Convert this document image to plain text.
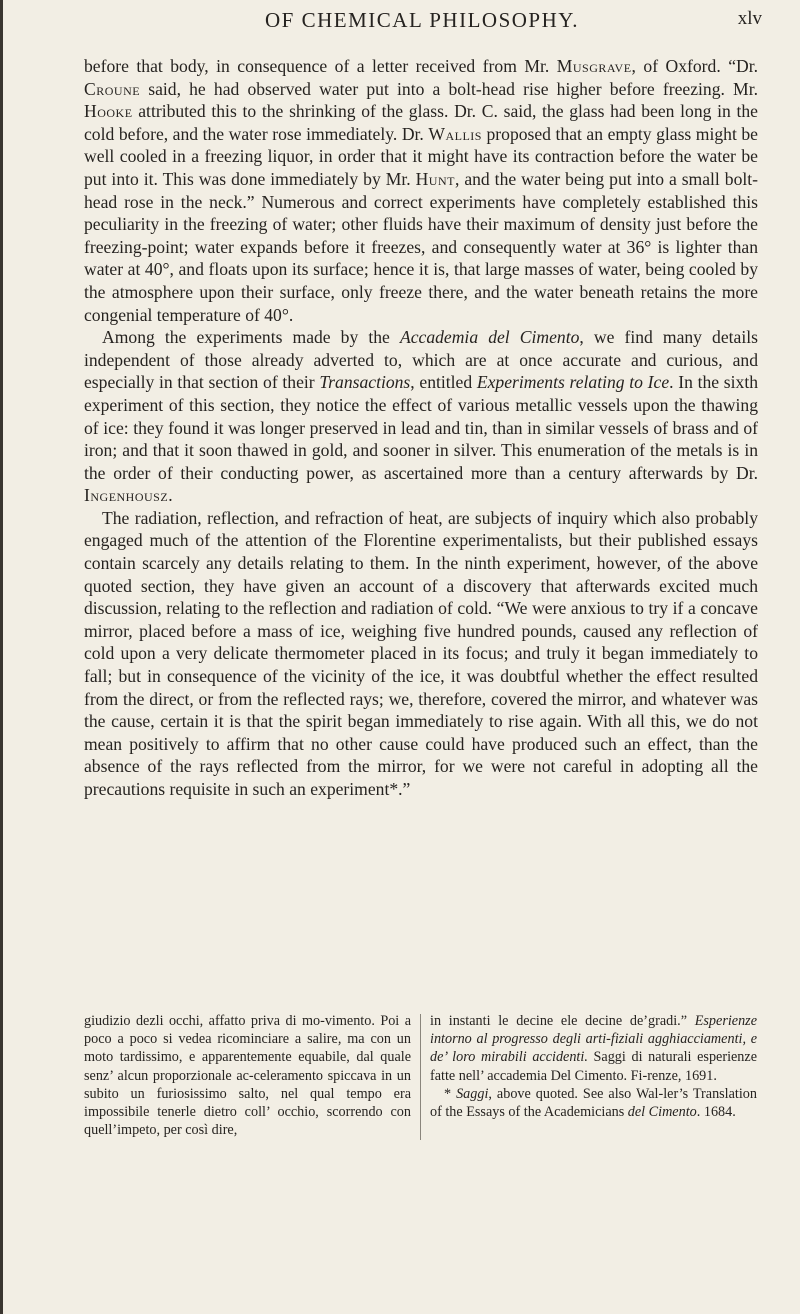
OF CHEMICAL PHILOSOPHY.	xlv

before that body, in consequence of a letter received from Mr. Musgrave, of Oxford. “Dr. Croune said, he had observed water put into a bolt-head rise higher before freezing. Mr. Hooke attributed this to the shrinking of the glass. Dr. C. said, the glass had been long in the cold before, and the water rose immediately. Dr. Wallis proposed that an empty glass might be well cooled in a freezing liquor, in order that it might have its contraction before the water be put into it. This was done immediately by Mr. Hunt, and the water being put into a small bolt-head rose in the neck.” Numerous and correct experiments have completely established this peculiarity in the freezing of water; other fluids have their maximum of density just before the freezing-point; water expands before it freezes, and consequently water at 36° is lighter than water at 40°, and floats upon its surface; hence it is, that large masses of water, being cooled by the atmosphere upon their surface, only freeze there, and the water beneath retains the more congenial temperature of 40°.

Among the experiments made by the Accademia del Cimento, we find many details independent of those already adverted to, which are at once accurate and curious, and especially in that section of their Transactions, entitled Experiments relating to Ice. In the sixth experiment of this section, they notice the effect of various metallic vessels upon the thawing of ice: they found it was longer preserved in lead and tin, than in similar vessels of brass and of iron; and that it soon thawed in gold, and sooner in silver. This enumeration of the metals is in the order of their conducting power, as ascertained more than a century afterwards by Dr. Ingenhousz.

The radiation, reflection, and refraction of heat, are subjects of inquiry which also probably engaged much of the attention of the Florentine experimentalists, but their published essays contain scarcely any details relating to them. In the ninth experiment, however, of the above quoted section, they have given an account of a discovery that afterwards excited much discussion, relating to the reflection and radiation of cold. “We were anxious to try if a concave mirror, placed before a mass of ice, weighing five hundred pounds, caused any reflection of cold upon a very delicate thermometer placed in its focus; and truly it began immediately to fall; but in consequence of the vicinity of the ice, it was doubtful whether the effect resulted from the direct, or from the reflected rays; we, therefore, covered the mirror, and whatever was the cause, certain it is that the spirit began immediately to rise again. With all this, we do not mean positively to affirm that no other cause could have produced such an effect, than the absence of the rays reflected from the mirror, for we were not careful in adopting all the precautions requisite in such an experiment*.”

giudizio dezli occhi, affatto priva di mo-vimento. Poi a poco a poco si vedea ricominciare a salire, ma con un moto tardissimo, e apparentemente equabile, dal quale senz’ alcun proporzionale ac-celeramento spiccava in un subito un furiosissimo salto, nel qual tempo era impossibile tenerle dietro coll’ occhio, scorrendo con quell’impeto, per così dire,

in instanti le decine ele decine de’gradi.” Esperienze intorno al progresso degli arti-fiziali agghiacciamenti, e de’ loro mirabili accidenti. Saggi di naturali esperienze fatte nell’ accademia Del Cimento. Fi-renze, 1691.

* Saggi, above quoted. See also Wal-ler’s Translation of the Essays of the Academicians del Cimento. 1684.
